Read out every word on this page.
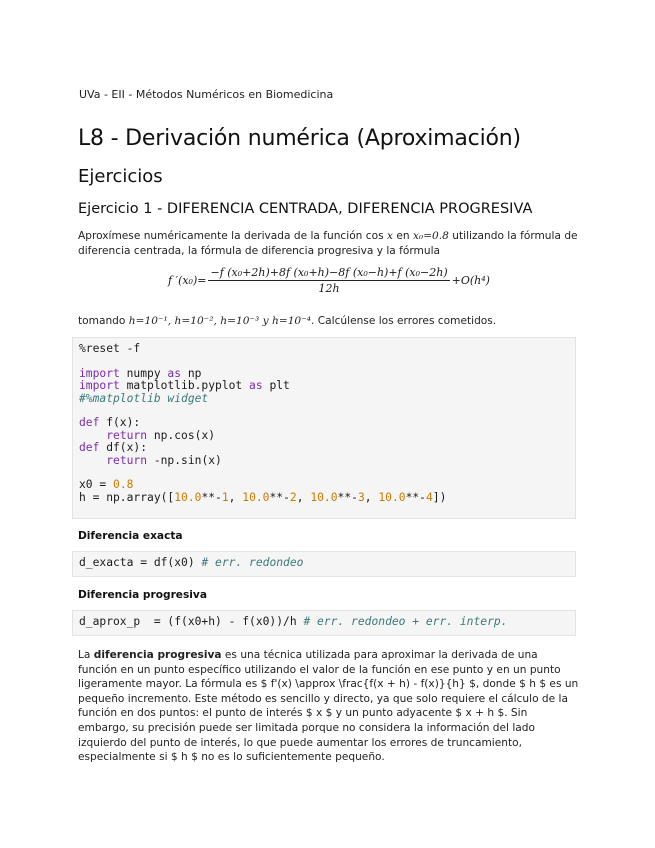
UVa - EII - Métodos Numéricos en Biomedicina
L8 - Derivación numérica (Aproximación)
Ejercicios
Ejercicio 1 - DIFERENCIA CENTRADA, DIFERENCIA PROGRESIVA
Aproxímese numéricamente la derivada de la función cos x en x₀=0.8 utilizando la fórmula de diferencia centrada, la fórmula de diferencia progresiva y la fórmula
f $'(x_0)= \frac{\text{−f (x₀+2h)+8f (x₀+h)−8f (x₀−h)+f (x₀−2h)}}{12h} +O(h^4)$
tomando h=10⁻¹, h=10⁻², h=10⁻³ y h=10⁻⁴. Calcúlense los errores cometidos.
%reset -f
import numpy as np
import matplotlib.pyplot as plt
#%matplotlib widget
def f(x):
return np.cos(x)
def df(x):
return -np.sin(x)
x0 = 0.8
h = np.array([10.0**-1, 10.0**-2, 10.0**-3, 10.0**-4])
Diferencia exacta
d_exacta = df(x0) # err. redondeo
Diferencia progresiva
d_aprox_p  = (f(x0+h) - f(x0))/h # err. redondeo + err. interp.
La diferencia progresiva es una técnica utilizada para aproximar la derivada de una función en un punto específico utilizando el valor de la función en ese punto y en un punto ligeramente mayor. La fórmula es $ f'(x) \approx \frac{f(x + h) - f(x)}{h} $, donde $ h $ es un pequeño incremento. Este método es sencillo y directo, ya que solo requiere el cálculo de la función en dos puntos: el punto de interés $ x $ y un punto adyacente $ x + h $. Sin embargo, su precisión puede ser limitada porque no considera la información del lado izquierdo del punto de interés, lo que puede aumentar los errores de truncamiento, especialmente si $ h $ no es lo suficientemente pequeño.
